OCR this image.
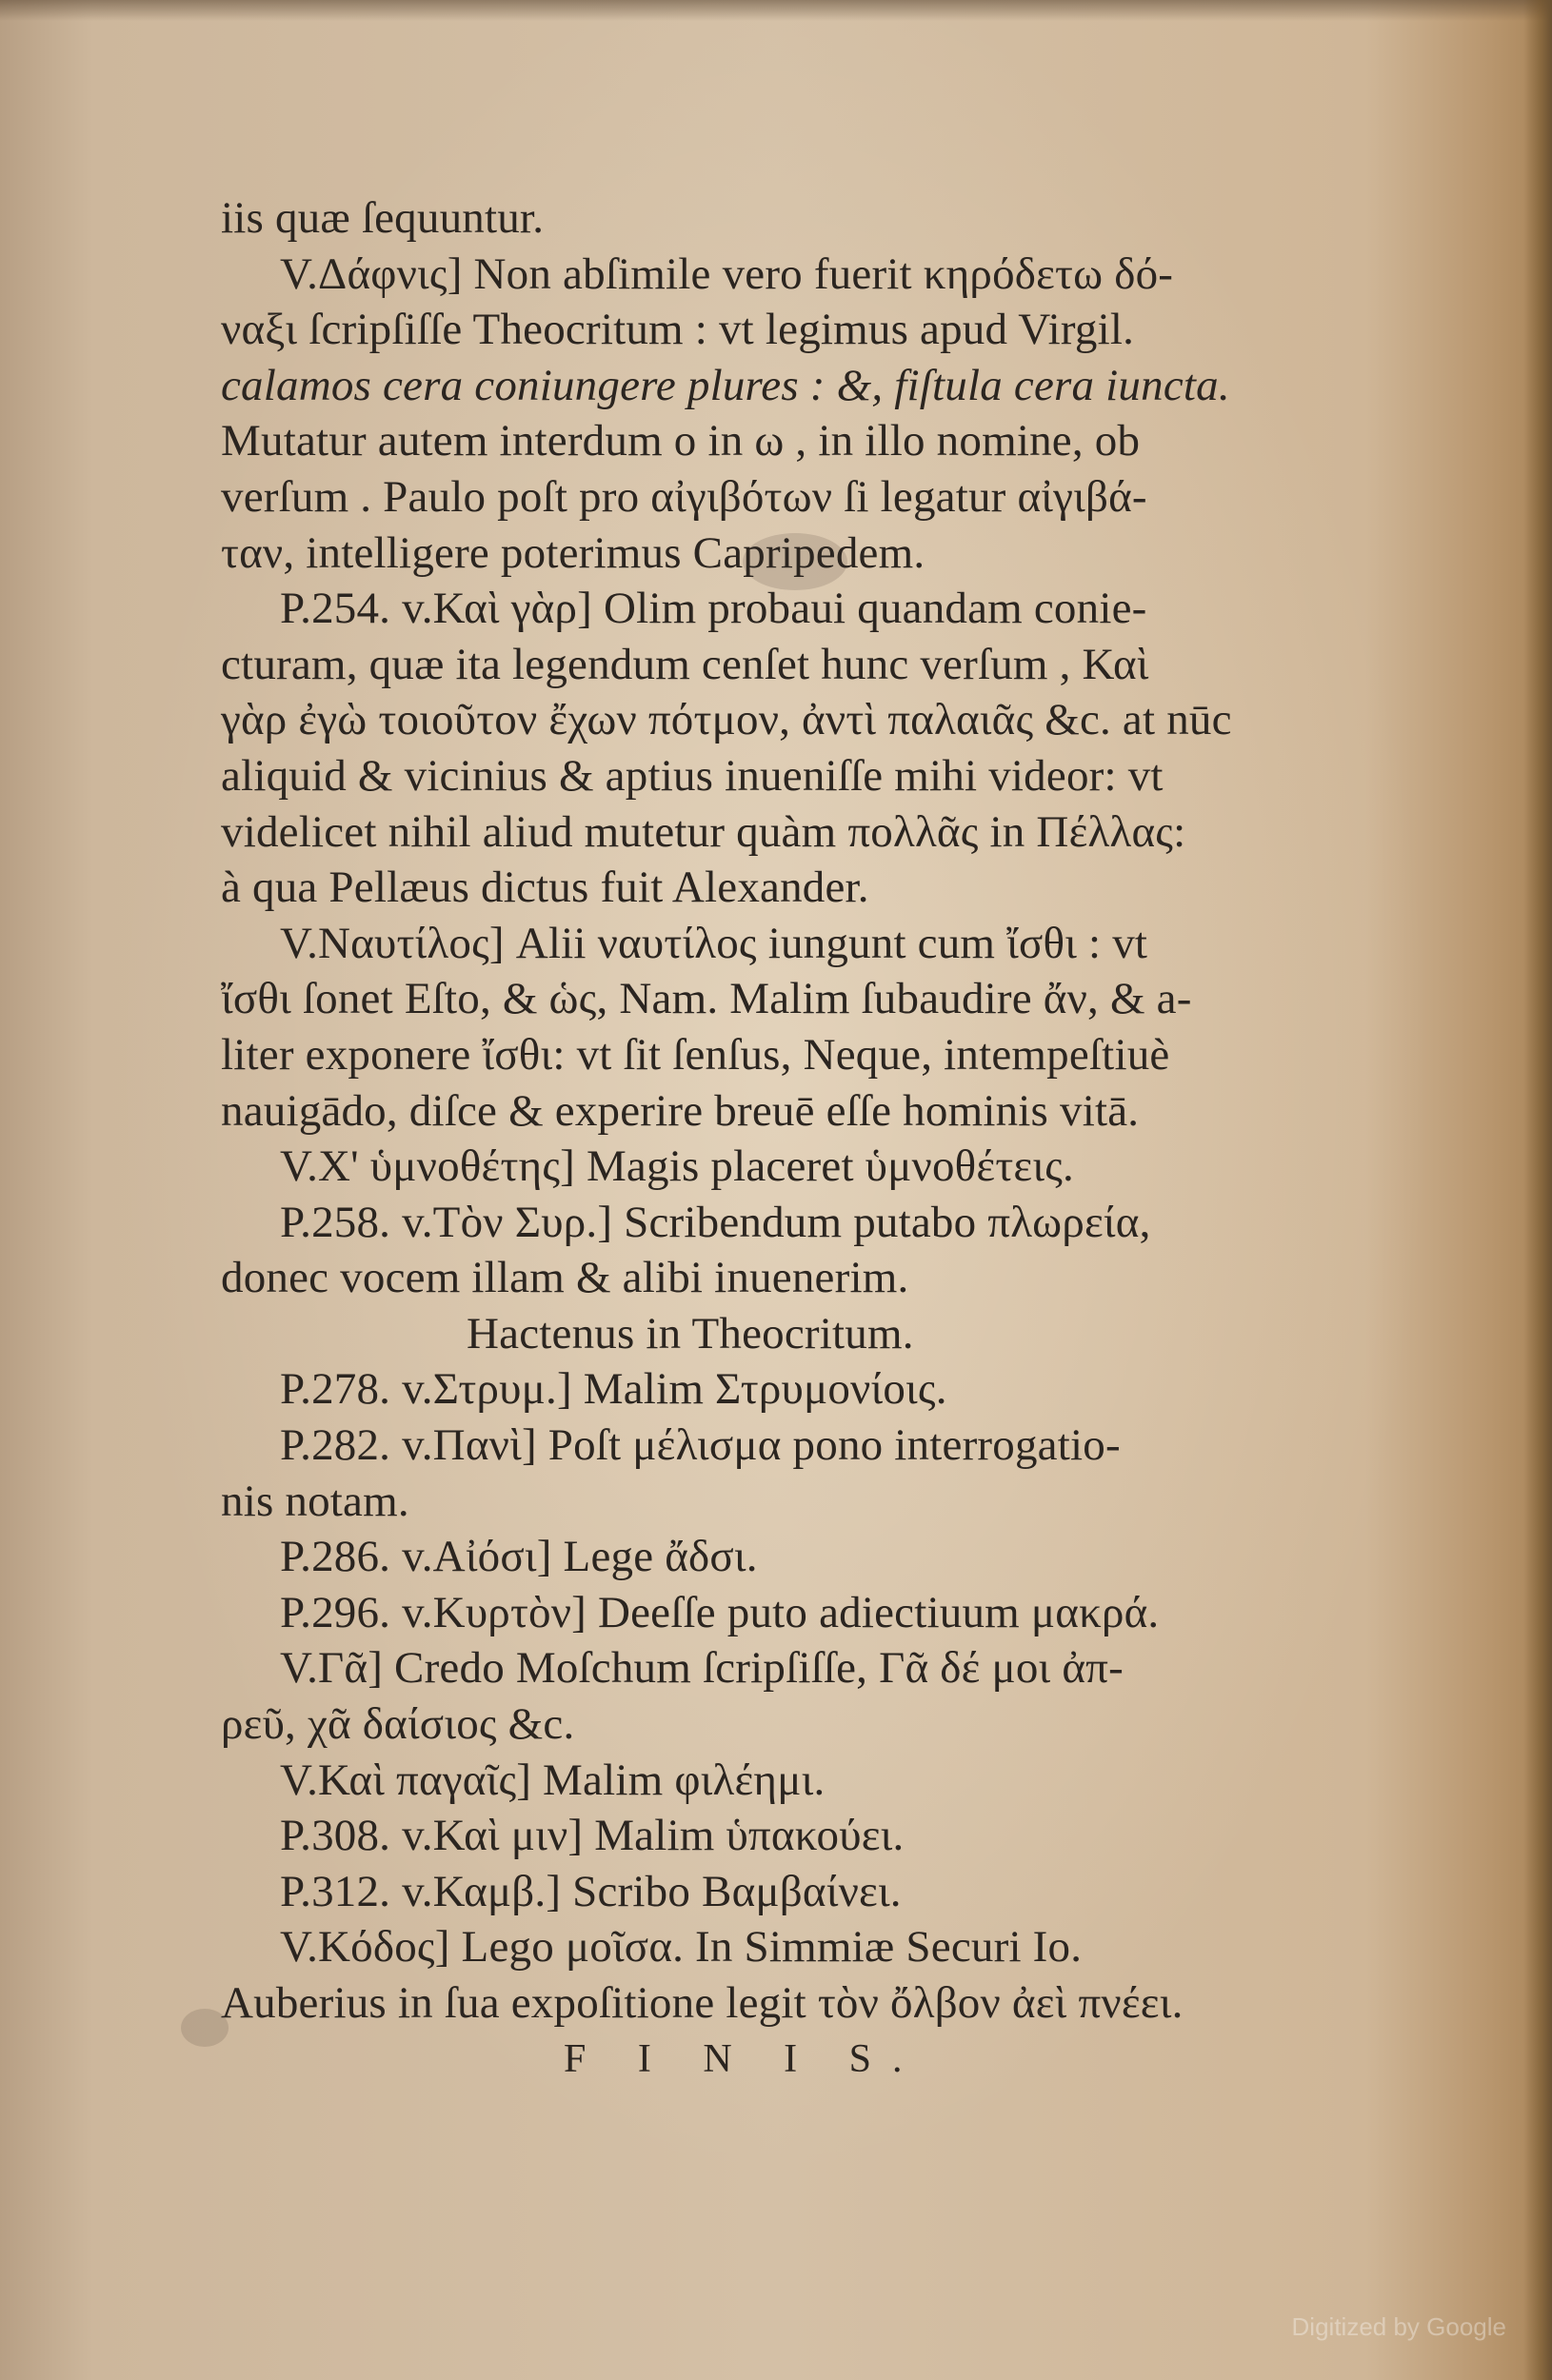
iis quæ ſequuntur.
V.Δάφνις] Non abſimile vero fuerit κηρόδετω δό-
ναξι ſcripſiſſe Theocritum : vt legimus apud Virgil.
calamos cera coniungere plures : &, fiſtula cera iuncta.
Mutatur autem interdum ο in ω , in illo nomine, ob
verſum . Paulo poſt pro αἰγιβότων ſi legatur αἰγιβά-
ταν, intelligere poterimus Capripedem.
P.254. v.Καὶ γὰρ] Olim probaui quandam conie-
cturam, quæ ita legendum cenſet hunc verſum , Καὶ
γὰρ ἐγὼ τοιοῦτον ἔχων πότμον, ἀντὶ παλαιᾶς &c. at nūc
aliquid & vicinius & aptius inueniſſe mihi videor: vt
videlicet nihil aliud mutetur quàm πολλᾶς in Πέλλας:
à qua Pellæus dictus fuit Alexander.
V.Ναυτίλος] Alii ναυτίλος iungunt cum ἴσθι : vt
ἴσθι ſonet Eſto, & ὡς, Nam. Malim ſubaudire ἄν, & a-
liter exponere ἴσθι: vt ſit ſenſus, Neque, intempeſtiuè
nauigādo, diſce & experire breuē eſſe hominis vitā.
V.Χ' ὑμνοθέτης] Magis placeret ὑμνοθέτεις.
P.258. v.Τὸν Συρ.] Scribendum putabo πλωρεία,
donec vocem illam & alibi inuenerim.
Hactenus in Theocritum.
P.278. v.Στρυμ.] Malim Στρυμονίοις.
P.282. v.Πανὶ] Poſt μέλισμα pono interrogatio-
nis notam.
P.286. v.Αἰόσι] Lege ἄδσι.
P.296. v.Κυρτὸν] Deeſſe puto adiectiuum μακρά.
V.Γᾶ] Credo Moſchum ſcripſiſſe, Γᾶ δέ μοι ἀπ-
ρεῦ, χᾶ δαίσιος &c.
V.Καὶ παγαῖς] Malim φιλέημι.
P.308. v.Καὶ μιν] Malim ὑπακούει.
P.312. v.Καμβ.] Scribo Βαμβαίνει.
V.Κόδος] Lego μοῖσα. In Simmiæ Securi Io.
Auberius in ſua expoſitione legit τὸν ὄλβον ἀεὶ πνέει.
F I N I S.
Digitized by Google
